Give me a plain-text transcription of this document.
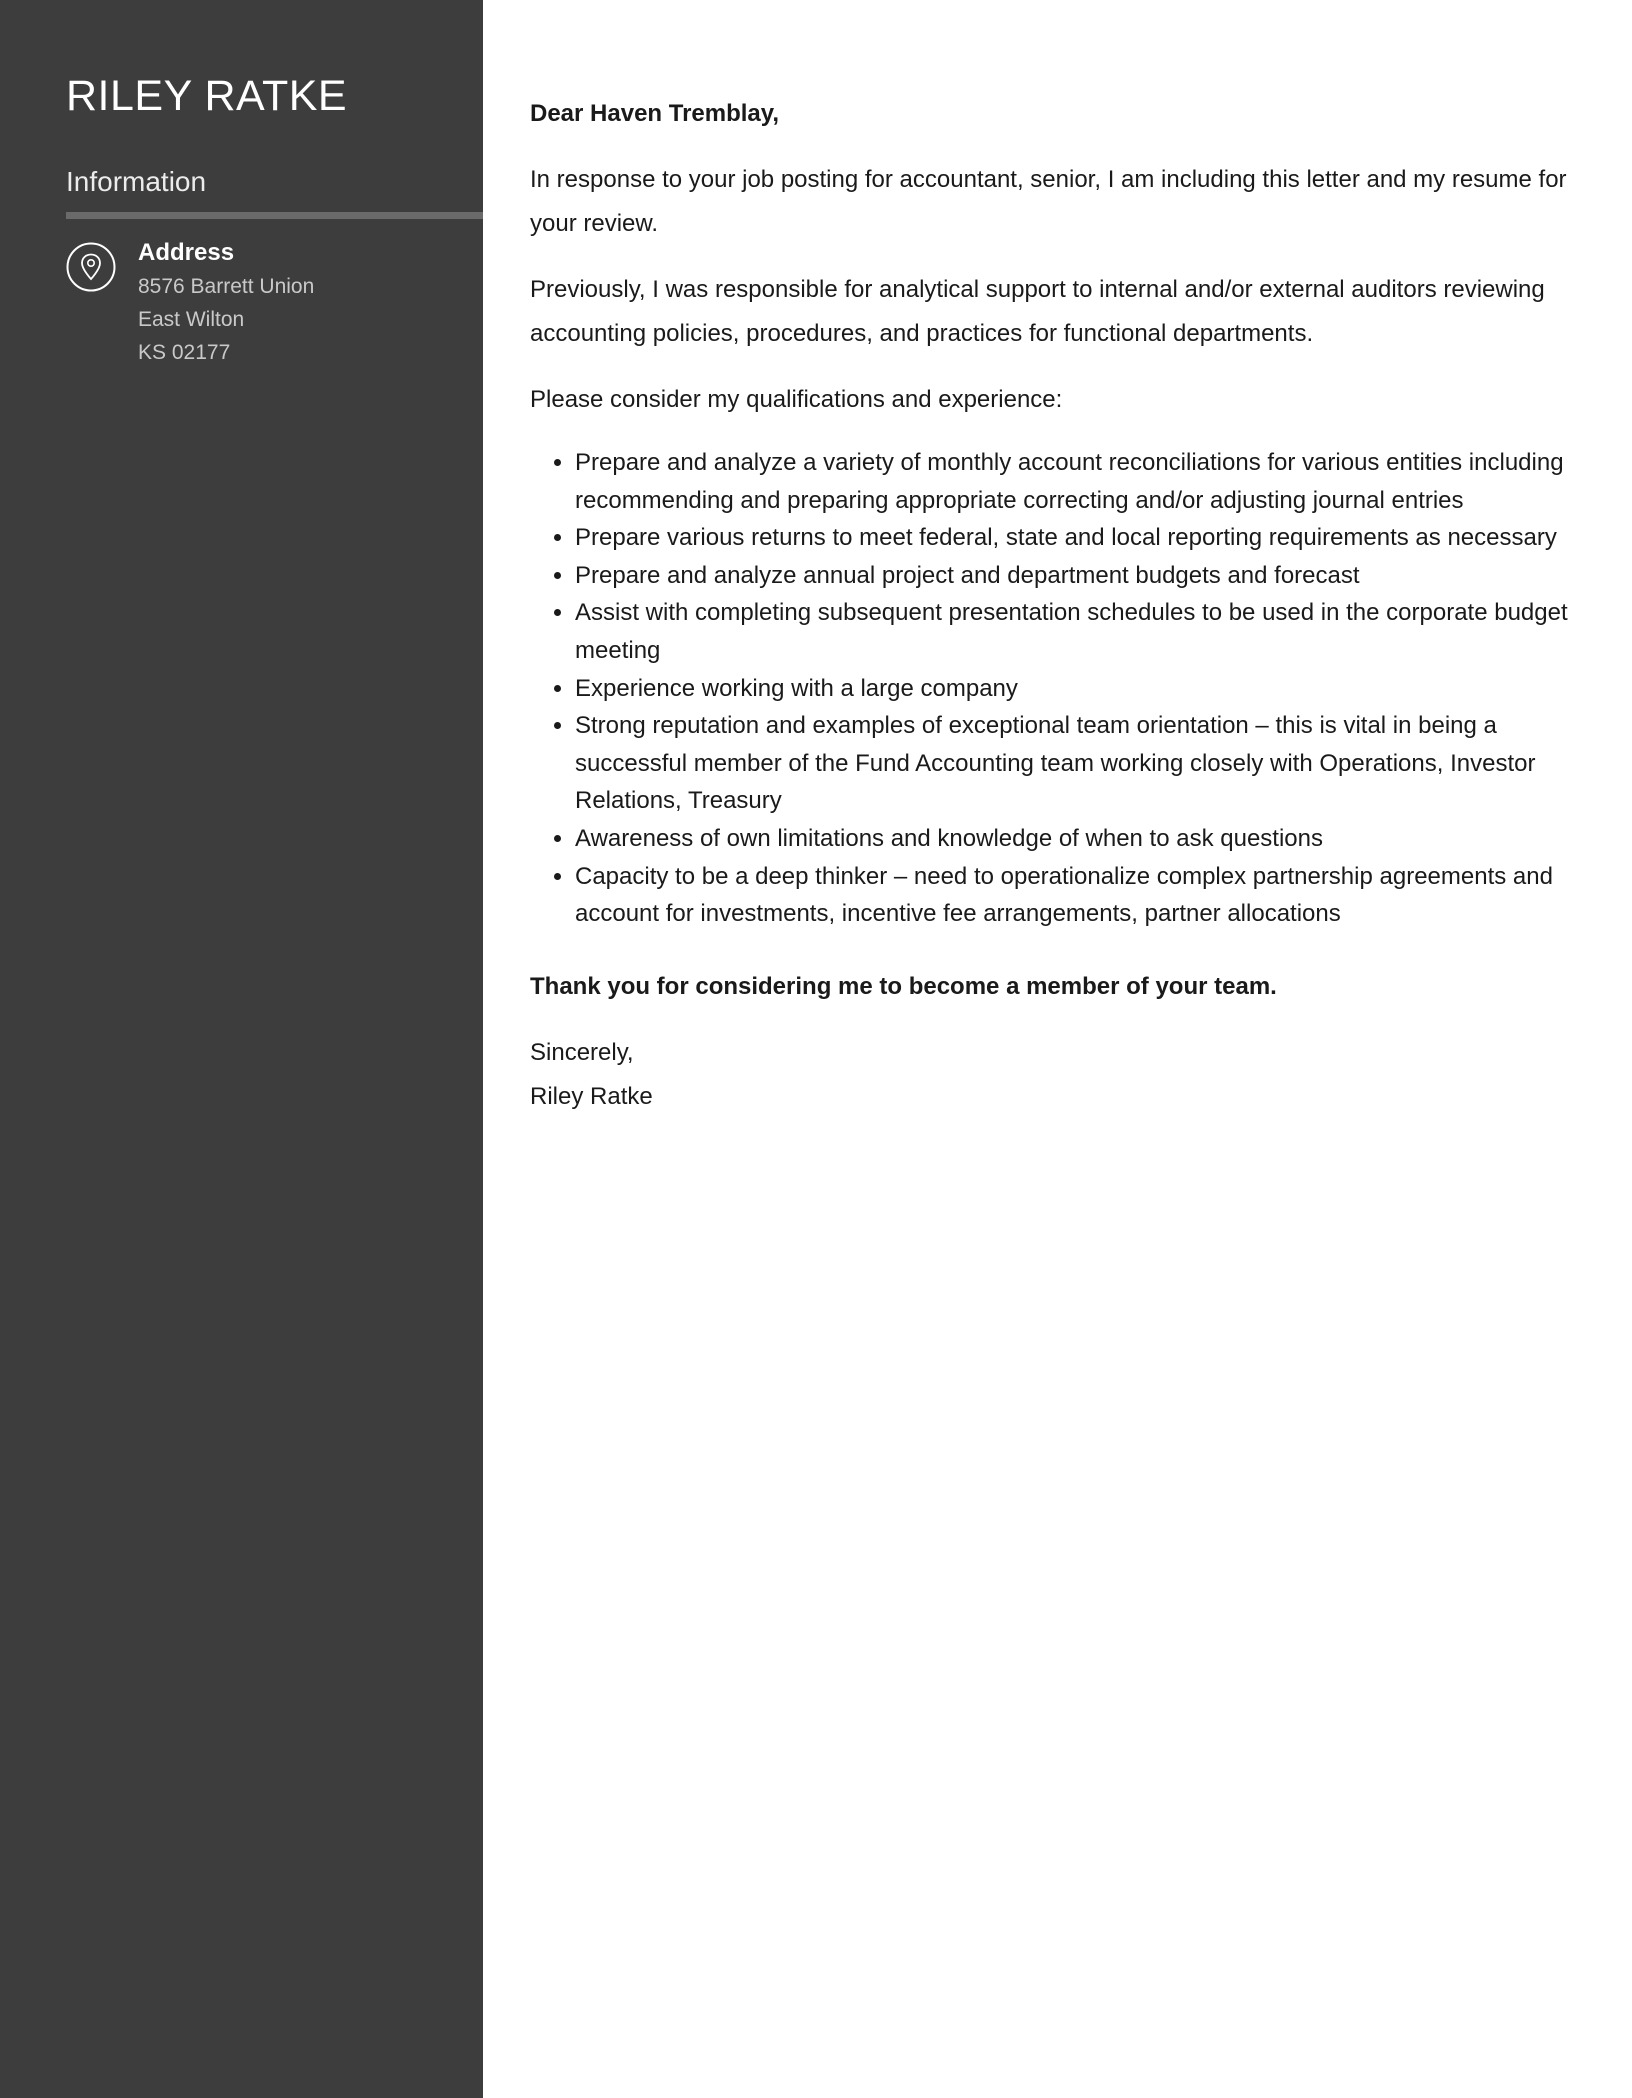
RILEY RATKE
Information
Address
8576 Barrett Union
East Wilton
KS 02177

Dear Haven Tremblay,

In response to your job posting for accountant, senior, I am including this letter and my resume for your review.

Previously, I was responsible for analytical support to internal and/or external auditors reviewing accounting policies, procedures, and practices for functional departments.

Please consider my qualifications and experience:

• Prepare and analyze a variety of monthly account reconciliations for various entities including recommending and preparing appropriate correcting and/or adjusting journal entries
• Prepare various returns to meet federal, state and local reporting requirements as necessary
• Prepare and analyze annual project and department budgets and forecast
• Assist with completing subsequent presentation schedules to be used in the corporate budget meeting
• Experience working with a large company
• Strong reputation and examples of exceptional team orientation – this is vital in being a successful member of the Fund Accounting team working closely with Operations, Investor Relations, Treasury
• Awareness of own limitations and knowledge of when to ask questions
• Capacity to be a deep thinker – need to operationalize complex partnership agreements and account for investments, incentive fee arrangements, partner allocations

Thank you for considering me to become a member of your team.

Sincerely,

Riley Ratke
